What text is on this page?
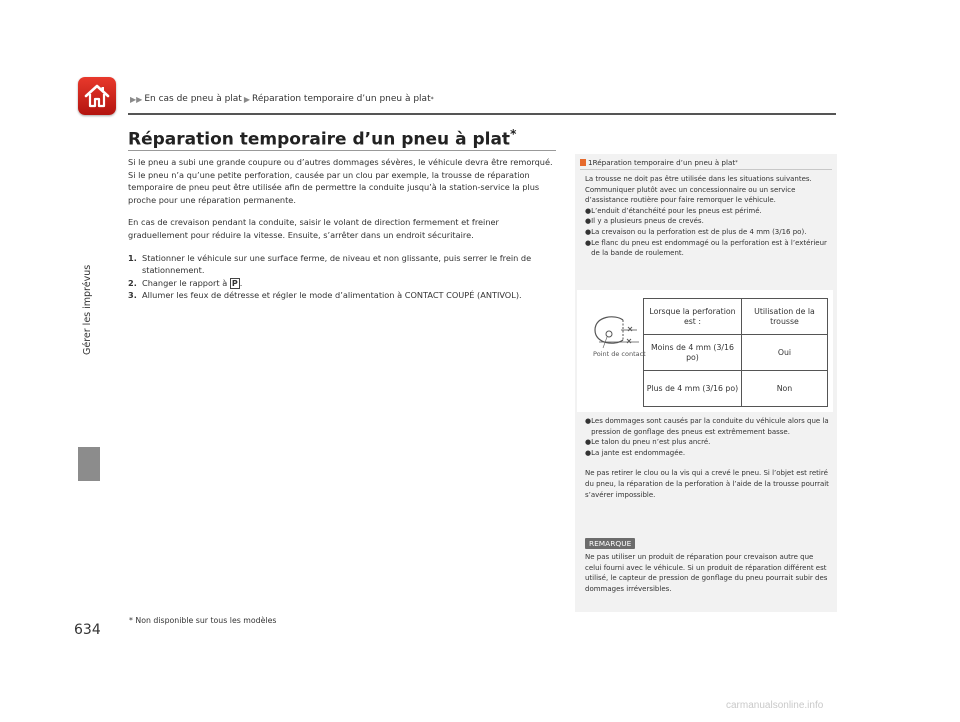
▶▶ En cas de pneu à plat ▶ Réparation temporaire d’un pneu à plat *
Gérer les imprévus
Réparation temporaire d’un pneu à plat*

Si le pneu a subi une grande coupure ou d’autres dommages sévères, le véhicule devra être remorqué. Si le pneu n’a qu’une petite perforation, causée par un clou par exemple, la trousse de réparation temporaire de pneu peut être utilisée afin de permettre la conduite jusqu’à la station-service la plus proche pour une réparation permanente.

En cas de crevaison pendant la conduite, saisir le volant de direction fermement et freiner graduellement pour réduire la vitesse. Ensuite, s’arrêter dans un endroit sécuritaire.

1. Stationner le véhicule sur une surface ferme, de niveau et non glissante, puis serrer le frein de stationnement.
2. Changer le rapport à P .
3. Allumer les feux de détresse et régler le mode d’alimentation à CONTACT COUPÉ (ANTIVOL).
1 Réparation temporaire d’un pneu à plat *
La trousse ne doit pas être utilisée dans les situations suivantes. Communiquer plutôt avec un concessionnaire ou un service d’assistance routière pour faire remorquer le véhicule.
● L’enduit d’étanchéité pour les pneus est périmé.
● Il y a plusieurs pneus de crevés.
● La crevaison ou la perforation est de plus de 4 mm (3/16 po).
● Le flanc du pneu est endommagé ou la perforation est à l’extérieur de la bande de roulement.
● Les dommages sont causés par la conduite du véhicule alors que la pression de gonflage des pneus est extrêmement basse.
● Le talon du pneu n’est plus ancré.
● La jante est endommagée.
Ne pas retirer le clou ou la vis qui a crevé le pneu. Si l’objet est retiré du pneu, la réparation de la perforation à l’aide de la trousse pourrait s’avérer impossible.
REMARQUE
Ne pas utiliser un produit de réparation pour crevaison autre que celui fourni avec le véhicule. Si un produit de réparation différent est utilisé, le capteur de pression de gonflage du pneu pourrait subir des dommages irréversibles.
Point de contact
Lorsque la perforation est :	Utilisation de la trousse
Moins de 4 mm (3/16 po)	Oui
Plus de 4 mm (3/16 po)	Non
634
* Non disponible sur tous les modèles
carmanualsonline.info
